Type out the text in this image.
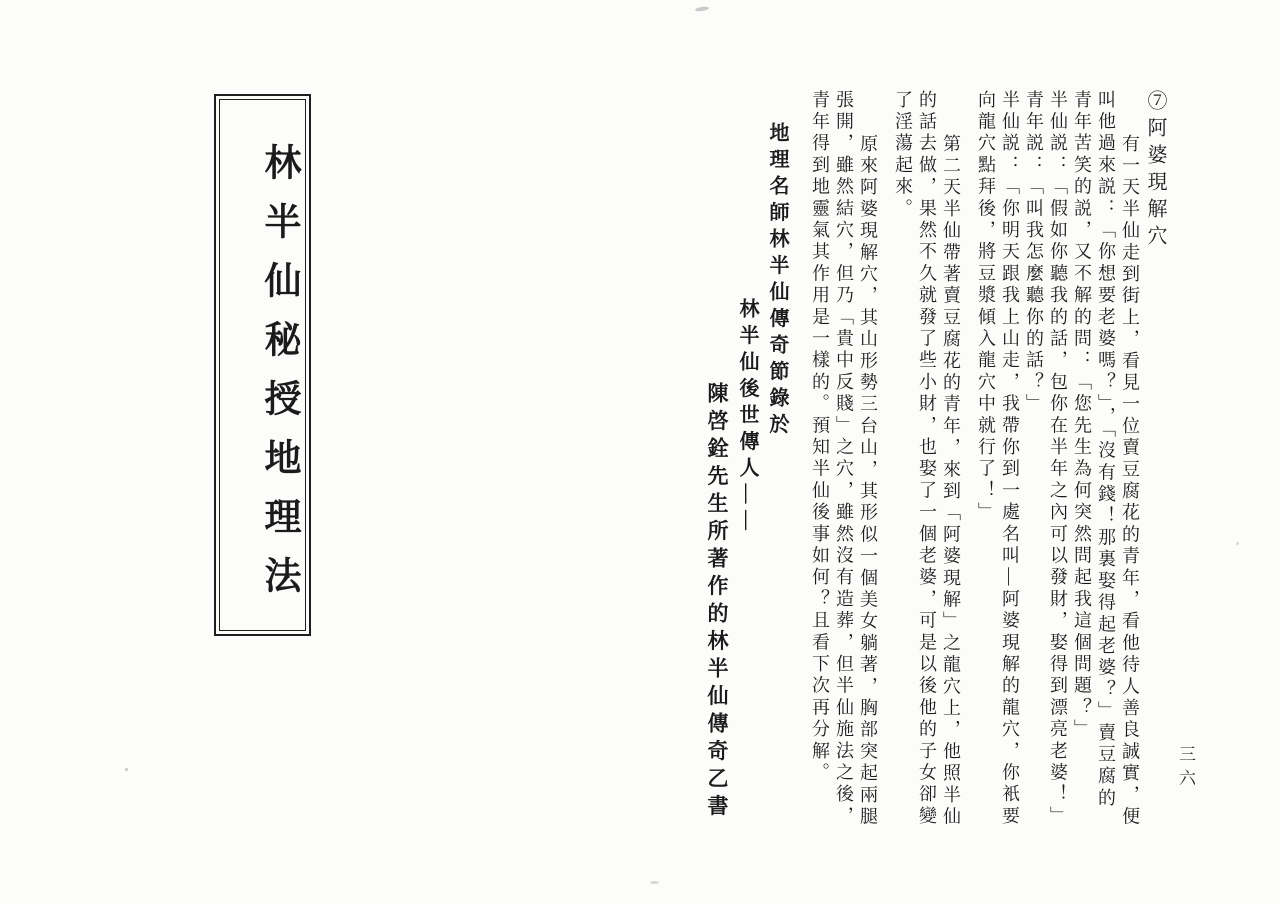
林半仙秘授地理法	⑦阿婆現解穴
有一天半仙走到街上，看見一位賣豆腐花的青年，看他待人善良誠實，便
叫他過來説：「你想要老婆嗎？」，「沒有錢！那裏娶得起老婆？」賣豆腐的
青年苦笑的説，又不解的問：「您先生為何突然問起我這個問題？」
半仙説：「假如你聽我的話，包你在半年之內可以發財，娶得到漂亮老婆！」
青年説：「叫我怎麼聽你的話？」
半仙説：「你明天跟我上山走，我帶你到一處名叫—阿婆現解的龍穴，你衹要
向龍穴點拜後，將豆漿傾入龍穴中就行了！」
第二天半仙帶著賣豆腐花的青年，來到「阿婆現解」之龍穴上，他照半仙
的話去做，果然不久就發了些小財，也娶了一個老婆，可是以後他的子女卻變
了淫蕩起來。
原來阿婆現解穴，其山形勢三台山，其形似一個美女躺著，胸部突起兩腿
張開，雖然結穴，但乃「貴中反賤」之穴，雖然沒有造葬，但半仙施法之後，
青年得到地靈氣其作用是一樣的。預知半仙後事如何？且看下次再分解。
地理名師林半仙傳奇節錄於
林半仙後世傳人——
陳啓銓先生所著作的林半仙傳奇乙書	三六
